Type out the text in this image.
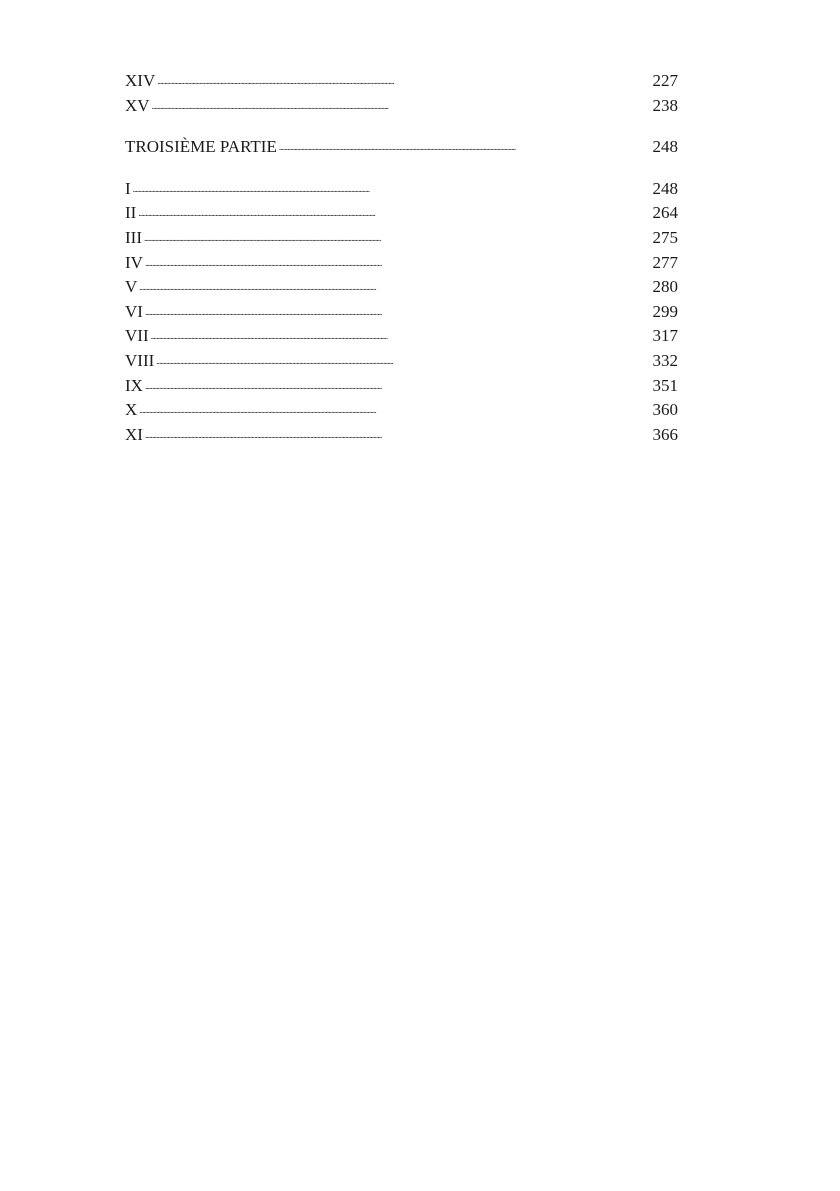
XIV . . .	227
XV . . .	238
TROISIÈME PARTIE . . .	248
I . . .	248
II . . .	264
III . . .	275
IV . . .	277
V . . .	280
VI . . .	299
VII . . .	317
VIII . . .	332
IX . . .	351
X . . .	360
XI . . .	366
